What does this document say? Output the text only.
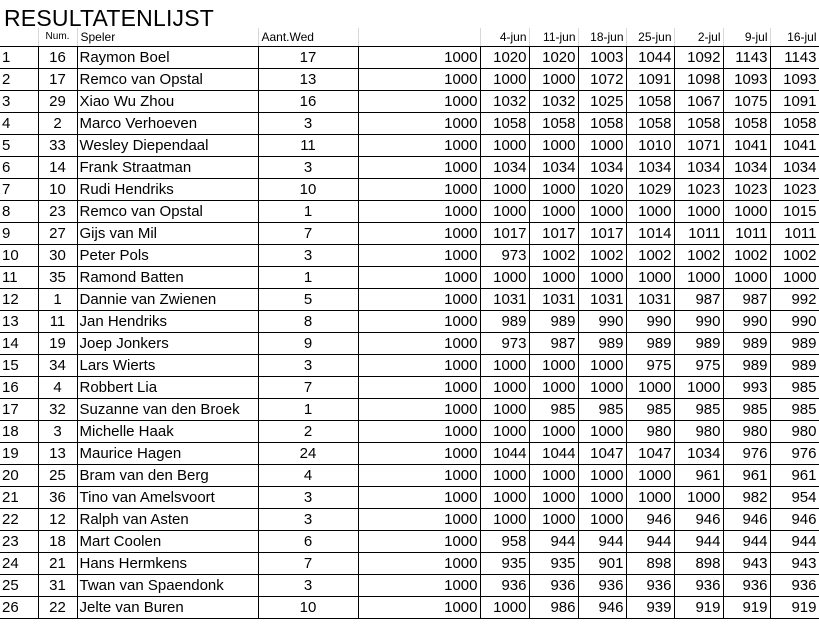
RESULTATENLIJST
	Num.	Speler	Aant.Wed		4-jun	11-jun	18-jun	25-jun	2-jul	9-jul	16-jul
1	16	Raymon Boel	17	1000	1020	1020	1003	1044	1092	1143	1143
2	17	Remco van Opstal	13	1000	1000	1000	1072	1091	1098	1093	1093
3	29	Xiao Wu Zhou	16	1000	1032	1032	1025	1058	1067	1075	1091
4	2	Marco Verhoeven	3	1000	1058	1058	1058	1058	1058	1058	1058
5	33	Wesley Diependaal	11	1000	1000	1000	1000	1010	1071	1041	1041
6	14	Frank Straatman	3	1000	1034	1034	1034	1034	1034	1034	1034
7	10	Rudi Hendriks	10	1000	1000	1000	1020	1029	1023	1023	1023
8	23	Remco van Opstal	1	1000	1000	1000	1000	1000	1000	1000	1015
9	27	Gijs van Mil	7	1000	1017	1017	1017	1014	1011	1011	1011
10	30	Peter Pols	3	1000	973	1002	1002	1002	1002	1002	1002
11	35	Ramond Batten	1	1000	1000	1000	1000	1000	1000	1000	1000
12	1	Dannie van Zwienen	5	1000	1031	1031	1031	1031	987	987	992
13	11	Jan Hendriks	8	1000	989	989	990	990	990	990	990
14	19	Joep Jonkers	9	1000	973	987	989	989	989	989	989
15	34	Lars Wierts	3	1000	1000	1000	1000	975	975	989	989
16	4	Robbert Lia	7	1000	1000	1000	1000	1000	1000	993	985
17	32	Suzanne van den Broek	1	1000	1000	985	985	985	985	985	985
18	3	Michelle Haak	2	1000	1000	1000	1000	980	980	980	980
19	13	Maurice Hagen	24	1000	1044	1044	1047	1047	1034	976	976
20	25	Bram van den Berg	4	1000	1000	1000	1000	1000	961	961	961
21	36	Tino van Amelsvoort	3	1000	1000	1000	1000	1000	1000	982	954
22	12	Ralph van Asten	3	1000	1000	1000	1000	946	946	946	946
23	18	Mart Coolen	6	1000	958	944	944	944	944	944	944
24	21	Hans Hermkens	7	1000	935	935	901	898	898	943	943
25	31	Twan van Spaendonk	3	1000	936	936	936	936	936	936	936
26	22	Jelte van Buren	10	1000	1000	986	946	939	919	919	919
